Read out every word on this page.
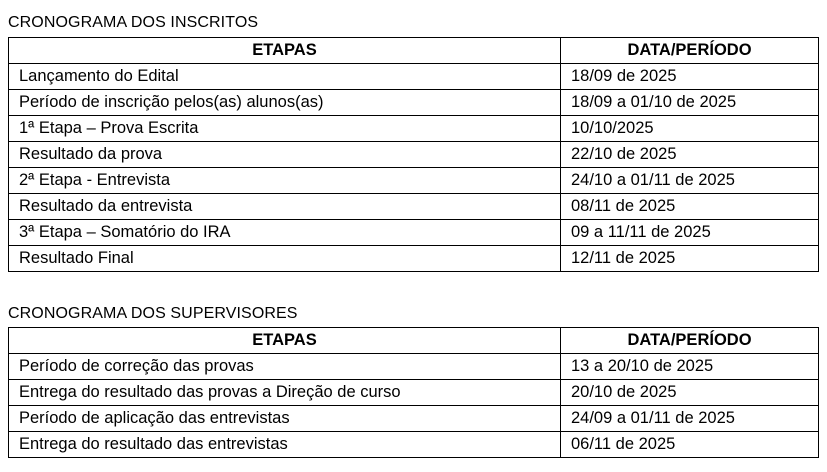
CRONOGRAMA DOS INSCRITOS
ETAPAS	DATA/PERÍODO
Lançamento do Edital	18/09 de 2025
Período de inscrição pelos(as) alunos(as)	18/09 a 01/10 de 2025
1ª Etapa – Prova Escrita	10/10/2025
Resultado da prova	22/10 de 2025
2ª Etapa - Entrevista	24/10 a 01/11 de 2025
Resultado da entrevista	08/11 de 2025
3ª Etapa – Somatório do IRA	09 a 11/11 de 2025
Resultado Final	12/11 de 2025
CRONOGRAMA DOS SUPERVISORES
ETAPAS	DATA/PERÍODO
Período de correção das provas	13 a 20/10 de 2025
Entrega do resultado das provas a Direção de curso	20/10 de 2025
Período de aplicação das entrevistas	24/09 a 01/11 de 2025
Entrega do resultado das entrevistas	06/11 de 2025
